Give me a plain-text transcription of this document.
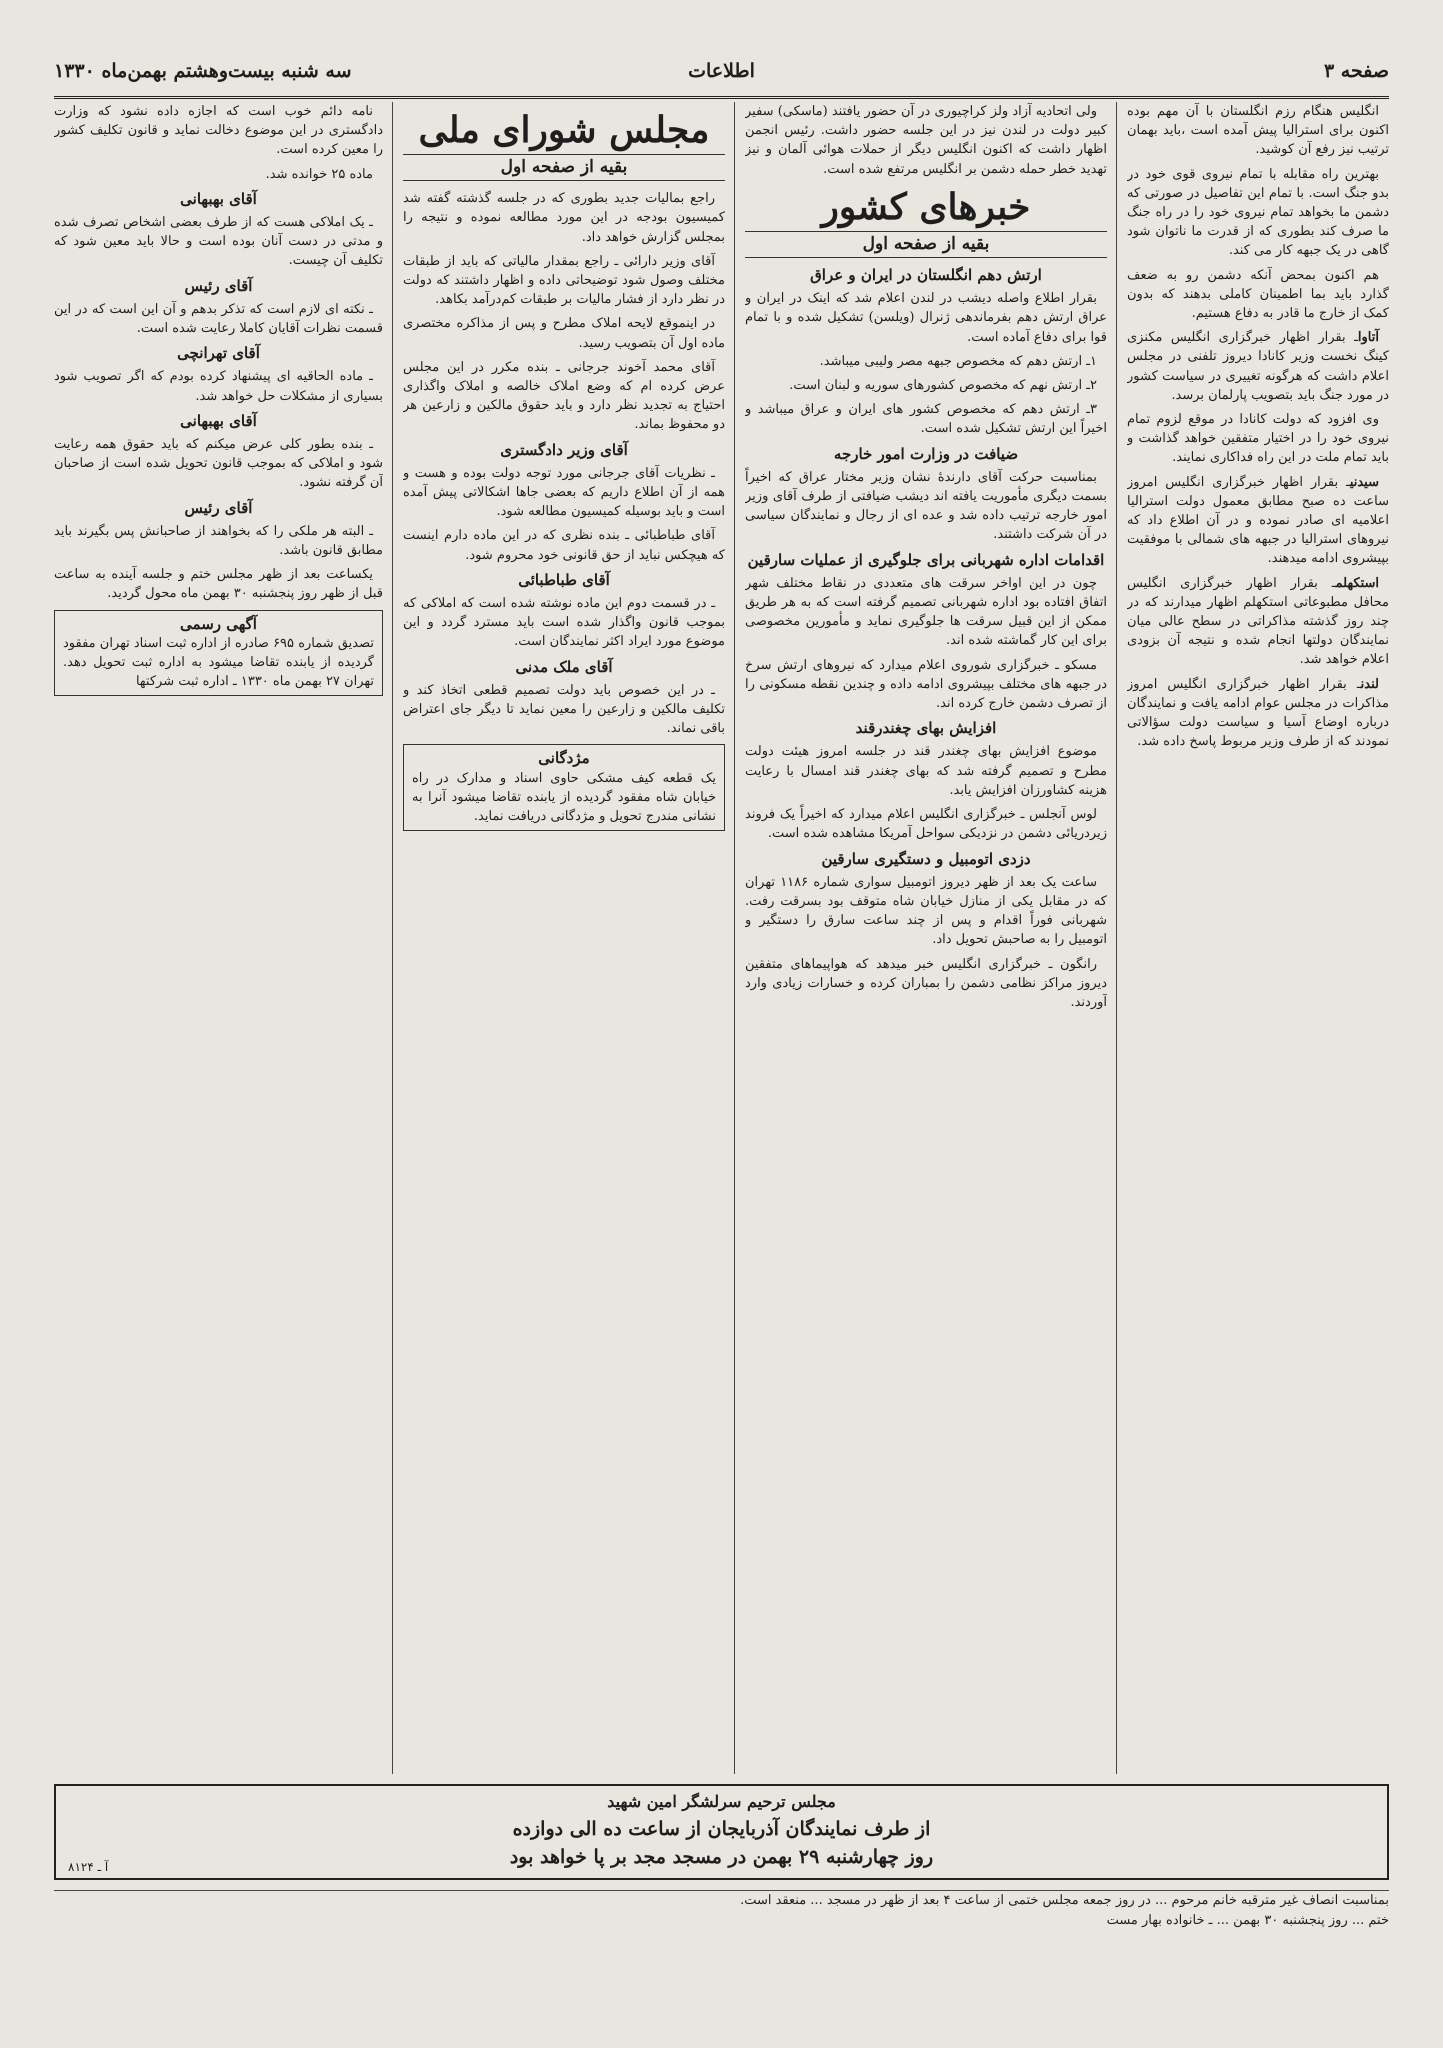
صفحه ۳
اطلاعات
سه شنبه بیست‌وهشتم بهمن‌ماه ۱۳۳۰

انگلیس هنگام رزم انگلستان با آن مهم بوده اکنون برای استرالیا پیش آمده است ،باید بهمان ترتیب نیز رفع آن کوشید.

بهترین راه مقابله با تمام نیروی قوی خود در بدو جنگ است. با تمام این تفاصیل در صورتی که دشمن ما بخواهد تمام نیروی خود را در راه جنگ ما صرف کند بطوری که از قدرت ما ناتوان شود گاهی در یک جبهه کار می کند.

هم اکنون بمحض آنکه دشمن رو به ضعف گذارد باید بما اطمینان کاملی بدهند که بدون کمک از خارج ما قادر به دفاع هستیم.

آتاواـ بقرار اظهار خبرگزاری انگلیس مکنزی کینگ نخست وزیر کانادا دیروز تلفنی در مجلس اعلام داشت که هرگونه تغییری در سیاست کشور در مورد جنگ باید بتصویب پارلمان برسد.

وی افزود که دولت کانادا در موقع لزوم تمام نیروی خود را در اختیار متفقین خواهد گذاشت و باید تمام ملت در این راه فداکاری نمایند.

سیدنیـ بقرار اظهار خبرگزاری انگلیس امروز ساعت ده صبح مطابق معمول دولت استرالیا اعلامیه ای صادر نموده و در آن اطلاع داد که نیروهای استرالیا در جبهه های شمالی با موفقیت بپیشروی ادامه میدهند.

استکهلمـ بقرار اظهار خبرگزاری انگلیس محافل مطبوعاتی استکهلم اظهار میدارند که در چند روز گذشته مذاکراتی در سطح عالی میان نمایندگان دولتها انجام شده و نتیجه آن بزودی اعلام خواهد شد.

لندنـ بقرار اظهار خبرگزاری انگلیس امروز مذاکرات در مجلس عوام ادامه یافت و نمایندگان درباره اوضاع آسیا و سیاست دولت سؤالاتی نمودند که از طرف وزیر مربوط پاسخ داده شد.

ولی اتحادیه آزاد ولز کراچیوری در آن حضور یافتند (ماسکی) سفیر کبیر دولت در لندن نیز در این جلسه حضور داشت. رئیس انجمن اظهار داشت که اکنون انگلیس دیگر از حملات هوائی آلمان و نیز تهدید خطر حمله دشمن بر انگلیس مرتفع شده است.

خبرهای کشور
بقیه از صفحه اول
ارتش دهم انگلستان در ایران و عراق

بقرار اطلاع واصله دیشب در لندن اعلام شد که اینک در ایران و عراق ارتش دهم بفرماندهی ژنرال (ویلسن) تشکیل شده و با تمام قوا برای دفاع آماده است.

۱ـ ارتش دهم که مخصوص جبهه مصر ولیبی میباشد.

۲ـ ارتش نهم که مخصوص کشورهای سوریه و لبنان است.

۳ـ ارتش دهم که مخصوص کشور های ایران و عراق میباشد و اخیراً این ارتش تشکیل شده است.

ضیافت در وزارت امور خارجه

بمناسبت حرکت آقای دارندهٔ نشان وزیر مختار عراق که اخیراً بسمت دیگری مأموریت یافته اند دیشب ضیافتی از طرف آقای وزیر امور خارجه ترتیب داده شد و عده ای از رجال و نمایندگان سیاسی در آن شرکت داشتند.

اقدامات اداره شهربانی برای جلوگیری از عملیات سارقین

چون در این اواخر سرقت های متعددی در نقاط مختلف شهر اتفاق افتاده بود اداره شهربانی تصمیم گرفته است که به هر طریق ممکن از این قبیل سرقت ها جلوگیری نماید و مأمورین مخصوصی برای این کار گماشته شده اند.

مسکو ـ خبرگزاری شوروی اعلام میدارد که نیروهای ارتش سرخ در جبهه های مختلف بپیشروی ادامه داده و چندین نقطه مسکونی را از تصرف دشمن خارج کرده اند.

افزایش بهای چغندرقند

موضوع افزایش بهای چغندر قند در جلسه امروز هیئت دولت مطرح و تصمیم گرفته شد که بهای چغندر قند امسال با رعایت هزینه کشاورزان افزایش یابد.

لوس آنجلس ـ خبرگزاری انگلیس اعلام میدارد که اخیراً یک فروند زیردریائی دشمن در نزدیکی سواحل آمریکا مشاهده شده است.

دزدی اتومبیل و دستگیری سارقین

ساعت یک بعد از ظهر دیروز اتومبیل سواری شماره ۱۱۸۶ تهران که در مقابل یکی از منازل خیابان شاه متوقف بود بسرقت رفت. شهربانی فوراً اقدام و پس از چند ساعت سارق را دستگیر و اتومبیل را به صاحبش تحویل داد.

رانگون ـ خبرگزاری انگلیس خبر میدهد که هواپیماهای متفقین دیروز مراکز نظامی دشمن را بمباران کرده و خسارات زیادی وارد آوردند.

مجلس شورای ملی
بقیه از صفحه اول

راجع بمالیات جدید بطوری که در جلسه گذشته گفته شد کمیسیون بودجه در این مورد مطالعه نموده و نتیجه را بمجلس گزارش خواهد داد.

آقای وزیر دارائی ـ راجع بمقدار مالیاتی که باید از طبقات مختلف وصول شود توضیحاتی داده و اظهار داشتند که دولت در نظر دارد از فشار مالیات بر طبقات کم‌درآمد بکاهد.

در اینموقع لایحه املاک مطرح و پس از مذاکره مختصری ماده اول آن بتصویب رسید.

آقای محمد آخوند جرجانی ـ بنده مکرر در این مجلس عرض کرده ام که وضع املاک خالصه و املاک واگذاری احتیاج به تجدید نظر دارد و باید حقوق مالکین و زارعین هر دو محفوظ بماند.

آقای وزیر دادگستری

ـ نظریات آقای جرجانی مورد توجه دولت بوده و هست و همه از آن اطلاع داریم که بعضی جاها اشکالاتی پیش آمده است و باید بوسیله کمیسیون مطالعه شود.

آقای طباطبائی ـ بنده نظری که در این ماده دارم اینست که هیچکس نباید از حق قانونی خود محروم شود.

آقای طباطبائی

ـ در قسمت دوم این ماده نوشته شده است که املاکی که بموجب قانون واگذار شده است باید مسترد گردد و این موضوع مورد ایراد اکثر نمایندگان است.

آقای ملک مدنی

ـ در این خصوص باید دولت تصمیم قطعی اتخاذ کند و تکلیف مالکین و زارعین را معین نماید تا دیگر جای اعتراض باقی نماند.

مژدگانی
یک قطعه کیف مشکی حاوی اسناد و مدارک در راه خیابان شاه مفقود گردیده از یابنده تقاضا میشود آنرا به نشانی مندرج تحویل و مژدگانی دریافت نماید.

نامه دائم خوب است که اجازه داده نشود که وزارت دادگستری در این موضوع دخالت نماید و قانون تکلیف کشور را معین کرده است.

ماده ۲۵ خوانده شد.

آقای بهبهانی

ـ یک املاکی هست که از طرف بعضی اشخاص تصرف شده و مدتی در دست آنان بوده است و حالا باید معین شود که تکلیف آن چیست.

آقای رئیس

ـ نکته ای لازم است که تذکر بدهم و آن این است که در این قسمت نظرات آقایان کاملا رعایت شده است.

آقای تهرانچی

ـ ماده الحاقیه ای پیشنهاد کرده بودم که اگر تصویب شود بسیاری از مشکلات حل خواهد شد.

آقای بهبهانی

ـ بنده بطور کلی عرض میکنم که باید حقوق همه رعایت شود و املاکی که بموجب قانون تحویل شده است از صاحبان آن گرفته نشود.

آقای رئیس

ـ البته هر ملکی را که بخواهند از صاحبانش پس بگیرند باید مطابق قانون باشد.

یکساعت بعد از ظهر مجلس ختم و جلسه آینده به ساعت قبل از ظهر روز پنجشنبه ۳۰ بهمن ماه محول گردید.

آگهی رسمی
تصدیق شماره ۶۹۵ صادره از اداره ثبت اسناد تهران مفقود گردیده از یابنده تقاضا میشود به اداره ثبت تحویل دهد. تهران ۲۷ بهمن ماه ۱۳۳۰ ـ اداره ثبت شرکتها
مجلس ترحیم سرلشگر امین شهید
از طرف نمایندگان آذربایجان از ساعت ده الی دوازده
روز چهارشنبه ۲۹ بهمن در مسجد مجد بر پا خواهد بود
آ ـ ۸۱۲۴
بمناسبت انصاف غیر مترقبه خانم مرحوم ... در روز جمعه مجلس ختمی از ساعت ۴ بعد از ظهر در مسجد ... منعقد است.
ختم ... روز پنجشنبه ۳۰ بهمن ... ـ خانواده بهار مست
